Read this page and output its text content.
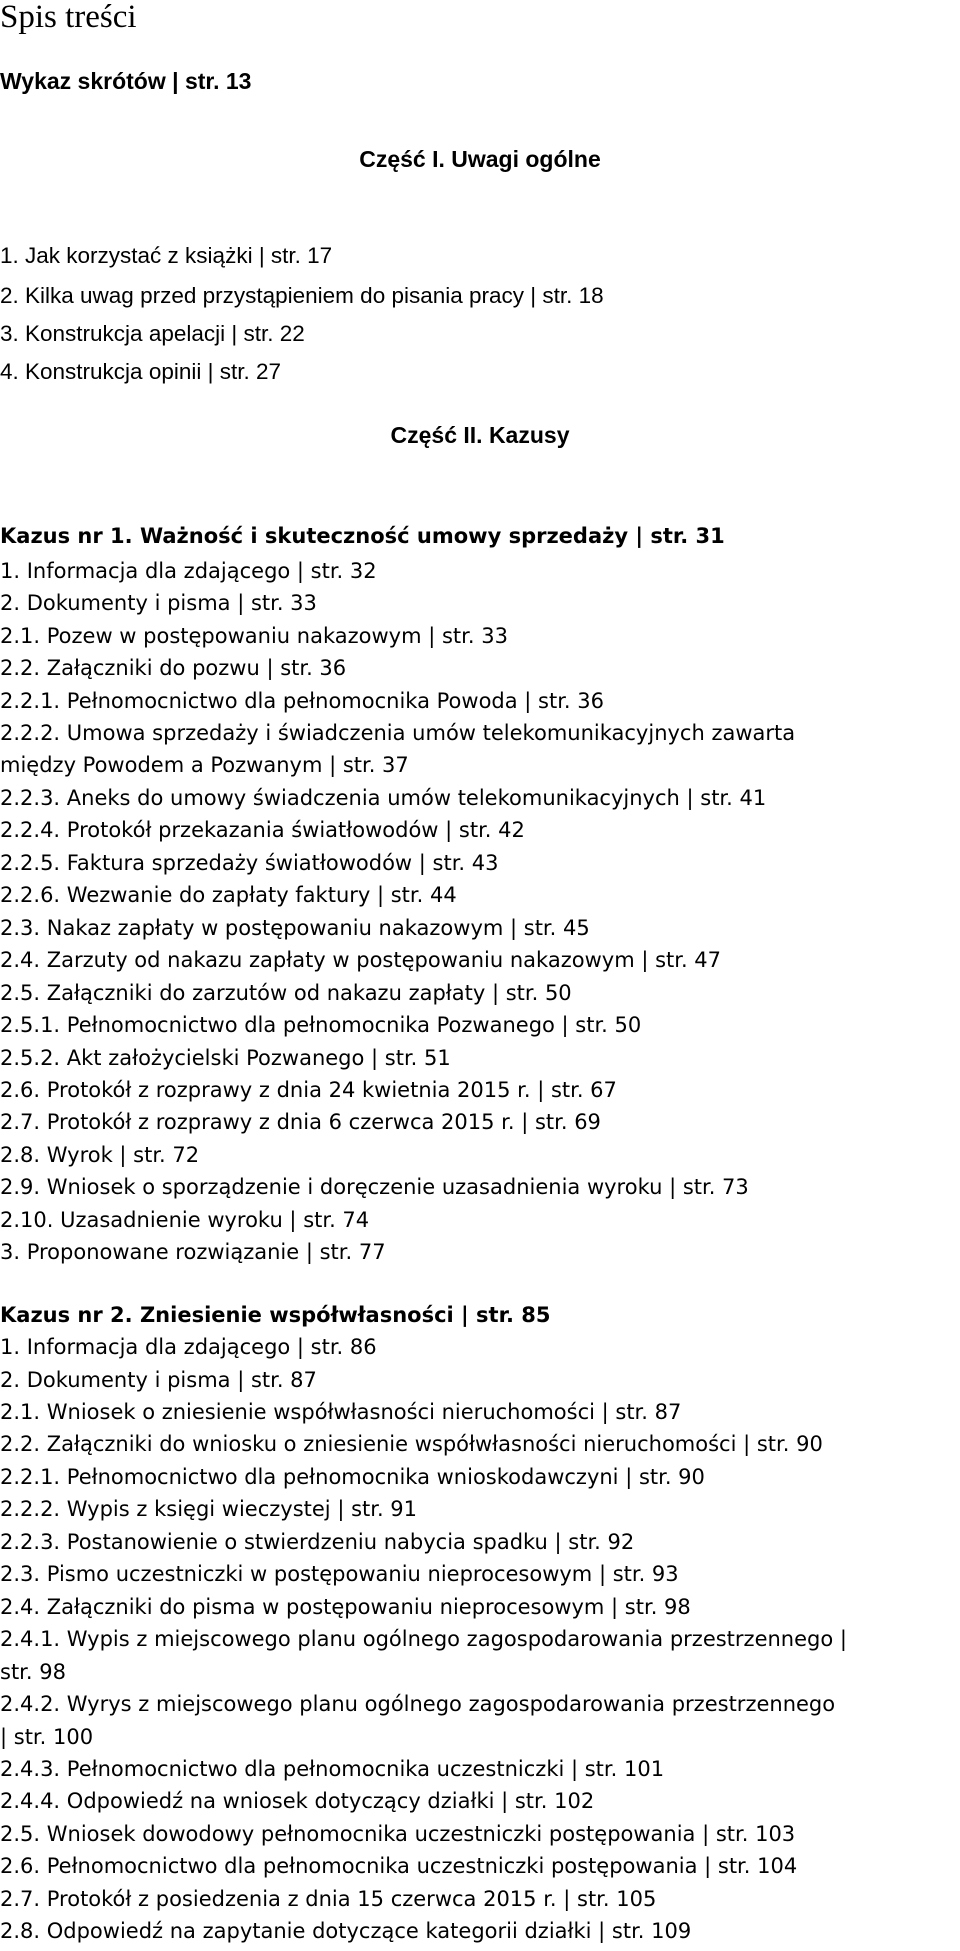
Spis treści
Wykaz skrótów | str. 13
Część I. Uwagi ogólne
1. Jak korzystać z książki | str. 17
2. Kilka uwag przed przystąpieniem do pisania pracy | str. 18
3. Konstrukcja apelacji | str. 22
4. Konstrukcja opinii | str. 27
Część II. Kazusy
Kazus nr 1. Ważność i skuteczność umowy sprzedaży | str. 31
1. Informacja dla zdającego | str. 32
2. Dokumenty i pisma | str. 33
2.1. Pozew w postępowaniu nakazowym | str. 33
2.2. Załączniki do pozwu | str. 36
2.2.1. Pełnomocnictwo dla pełnomocnika Powoda | str. 36
2.2.2. Umowa sprzedaży i świadczenia umów telekomunikacyjnych zawarta
między Powodem a Pozwanym | str. 37
2.2.3. Aneks do umowy świadczenia umów telekomunikacyjnych | str. 41
2.2.4. Protokół przekazania światłowodów | str. 42
2.2.5. Faktura sprzedaży światłowodów | str. 43
2.2.6. Wezwanie do zapłaty faktury | str. 44
2.3. Nakaz zapłaty w postępowaniu nakazowym | str. 45
2.4. Zarzuty od nakazu zapłaty w postępowaniu nakazowym | str. 47
2.5. Załączniki do zarzutów od nakazu zapłaty | str. 50
2.5.1. Pełnomocnictwo dla pełnomocnika Pozwanego | str. 50
2.5.2. Akt założycielski Pozwanego | str. 51
2.6. Protokół z rozprawy z dnia 24 kwietnia 2015 r. | str. 67
2.7. Protokół z rozprawy z dnia 6 czerwca 2015 r. | str. 69
2.8. Wyrok | str. 72
2.9. Wniosek o sporządzenie i doręczenie uzasadnienia wyroku | str. 73
2.10. Uzasadnienie wyroku | str. 74
3. Proponowane rozwiązanie | str. 77
Kazus nr 2. Zniesienie współwłasności | str. 85
1. Informacja dla zdającego | str. 86
2. Dokumenty i pisma | str. 87
2.1. Wniosek o zniesienie współwłasności nieruchomości | str. 87
2.2. Załączniki do wniosku o zniesienie współwłasności nieruchomości | str. 90
2.2.1. Pełnomocnictwo dla pełnomocnika wnioskodawczyni | str. 90
2.2.2. Wypis z księgi wieczystej | str. 91
2.2.3. Postanowienie o stwierdzeniu nabycia spadku | str. 92
2.3. Pismo uczestniczki w postępowaniu nieprocesowym | str. 93
2.4. Załączniki do pisma w postępowaniu nieprocesowym | str. 98
2.4.1. Wypis z miejscowego planu ogólnego zagospodarowania przestrzennego |
str. 98
2.4.2. Wyrys z miejscowego planu ogólnego zagospodarowania przestrzennego
| str. 100
2.4.3. Pełnomocnictwo dla pełnomocnika uczestniczki | str. 101
2.4.4. Odpowiedź na wniosek dotyczący działki | str. 102
2.5. Wniosek dowodowy pełnomocnika uczestniczki postępowania | str. 103
2.6. Pełnomocnictwo dla pełnomocnika uczestniczki postępowania | str. 104
2.7. Protokół z posiedzenia z dnia 15 czerwca 2015 r. | str. 105
2.8. Odpowiedź na zapytanie dotyczące kategorii działki | str. 109
